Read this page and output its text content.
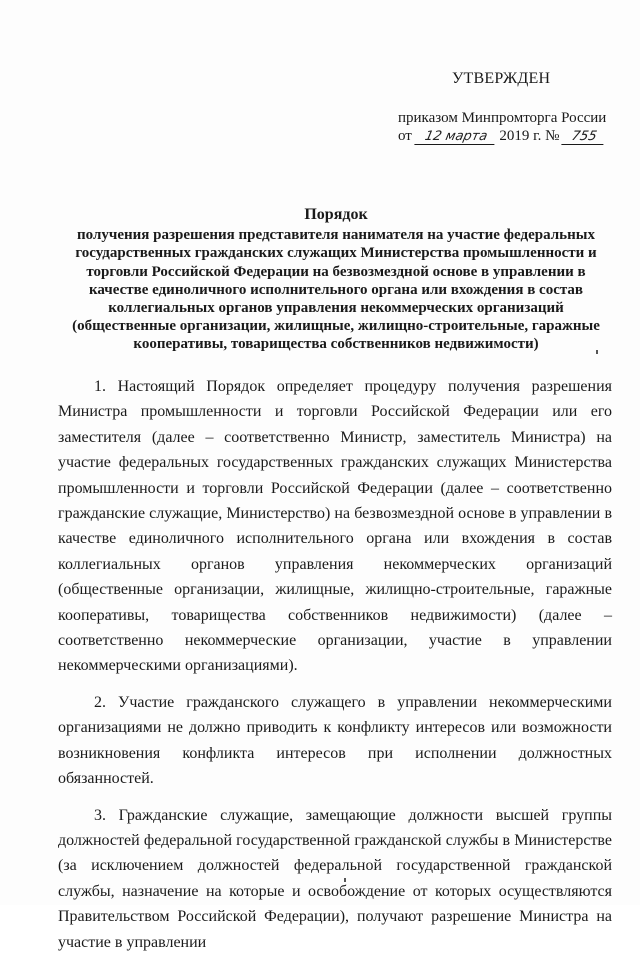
УТВЕРЖДЕН
приказом Минпромторга России
от 12 марта 2019 г. № 755
Порядок
получения разрешения представителя нанимателя на участие федеральных государственных гражданских служащих Министерства промышленности и торговли Российской Федерации на безвозмездной основе в управлении в качестве единоличного исполнительного органа или вхождения в состав коллегиальных органов управления некоммерческих организаций (общественные организации, жилищные, жилищно-строительные, гаражные кооперативы, товарищества собственников недвижимости)

1. Настоящий Порядок определяет процедуру получения разрешения Министра промышленности и торговли Российской Федерации или его заместителя (далее – соответственно Министр, заместитель Министра) на участие федеральных государственных гражданских служащих Министерства промышленности и торговли Российской Федерации (далее – соответственно гражданские служащие, Министерство) на безвозмездной основе в управлении в качестве единоличного исполнительного органа или вхождения в состав коллегиальных органов управления некоммерческих организаций (общественные организации, жилищные, жилищно-строительные, гаражные кооперативы, товарищества собственников недвижимости) (далее – соответственно некоммерческие организации, участие в управлении некоммерческими организациями).

2. Участие гражданского служащего в управлении некоммерческими организациями не должно приводить к конфликту интересов или возможности возникновения конфликта интересов при исполнении должностных обязанностей.

3. Гражданские служащие, замещающие должности высшей группы должностей федеральной государственной гражданской службы в Министерстве (за исключением должностей федеральной государственной гражданской службы, назначение на которые и освобождение от которых осуществляются Правительством Российской Федерации), получают разрешение Министра на участие в управлении
